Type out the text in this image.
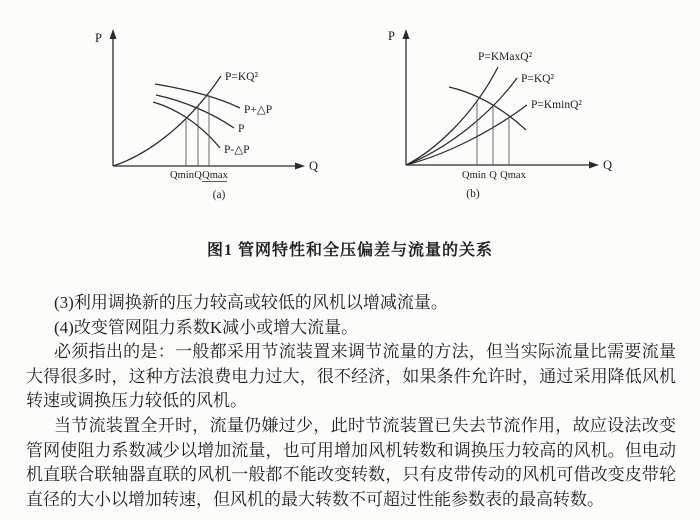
P
Q
P=KQ²
P+△P
P
P-△P
Qmin Q Qmax
(a)
P
Q
P=KMaxQ²
P=KQ²
P=KminQ²
Qmin Q Qmax
(b)
图1 管网特性和全压偏差与流量的关系

(3)利用调换新的压力较高或较低的风机以增减流量。

(4)改变管网阻力系数K减小或增大流量。

必须指出的是：一般都采用节流装置来调节流量的方法，但当实际流量比需要流量大得很多时，这种方法浪费电力过大，很不经济，如果条件允许时，通过采用降低风机转速或调换压力较低的风机。

当节流装置全开时，流量仍嫌过少，此时节流装置已失去节流作用，故应设法改变管网使阻力系数减少以增加流量，也可用增加风机转数和调换压力较高的风机。但电动机直联合联轴器直联的风机一般都不能改变转数，只有皮带传动的风机可借改变皮带轮直径的大小以增加转速，但风机的最大转数不可超过性能参数表的最高转数。
